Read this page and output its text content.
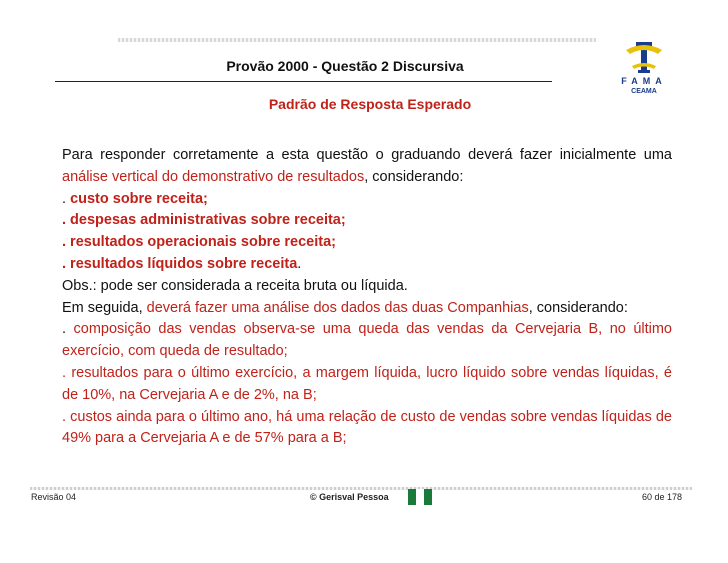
Provão 2000 - Questão 2 Discursiva
Padrão de Resposta Esperado
FAMA
CEAMA

Para responder corretamente a esta questão o graduando deverá fazer inicialmente uma análise vertical do demonstrativo de resultados, considerando:

. custo sobre receita;

. despesas administrativas sobre receita;

. resultados operacionais sobre receita;

. resultados líquidos sobre receita.

Obs.: pode ser considerada a receita bruta ou líquida.

Em seguida, deverá fazer uma análise dos dados das duas Companhias, considerando:

. composição das vendas observa-se uma queda das vendas da Cervejaria B, no último exercício, com queda de resultado;

. resultados para o último exercício, a margem líquida, lucro líquido sobre vendas líquidas, é de 10%, na Cervejaria A e de 2%, na B;

. custos ainda para o último ano, há uma relação de custo de vendas sobre vendas líquidas de 49% para a Cervejaria A e de 57% para a B;

Revisão 04	© Gerisval Pessoa	60 de 178
